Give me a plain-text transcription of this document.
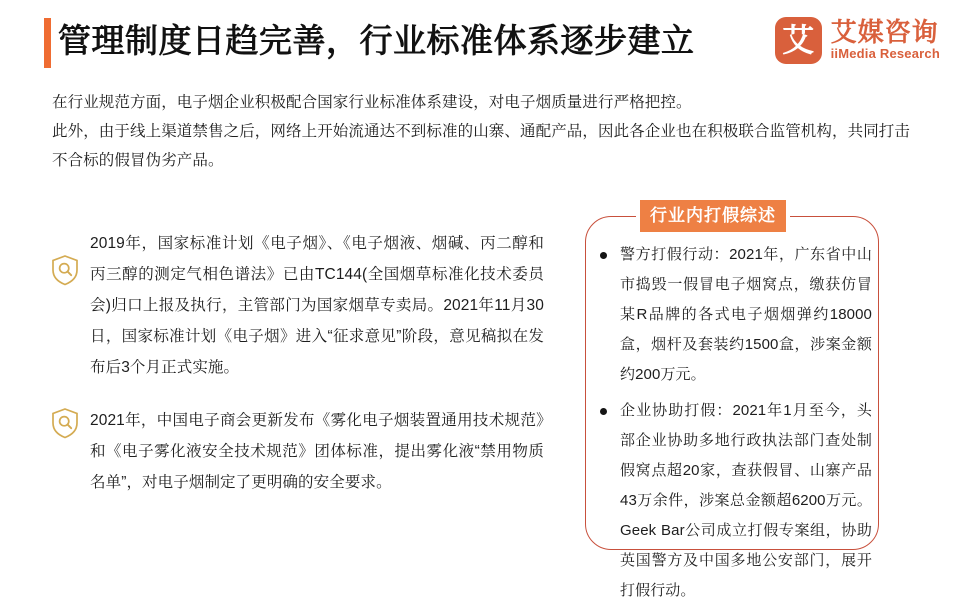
管理制度日趋完善，行业标准体系逐步建立	艾 艾媒咨询
iiMedia Research

在行业规范方面，电子烟企业积极配合国家行业标准体系建设，对电子烟质量进行严格把控。

此外，由于线上渠道禁售之后，网络上开始流通达不到标准的山寨、通配产品，因此各企业也在积极联合监管机构，共同打击不合标的假冒伪劣产品。

2019年，国家标准计划《电子烟》、《电子烟液、烟碱、丙二醇和丙三醇的测定气相色谱法》已由TC144(全国烟草标准化技术委员会)归口上报及执行，主管部门为国家烟草专卖局。2021年11月30日，国家标准计划《电子烟》进入“征求意见”阶段，意见稿拟在发布后3个月正式实施。
2021年，中国电子商会更新发布《雾化电子烟装置通用技术规范》和《电子雾化液安全技术规范》团体标准，提出雾化液“禁用物质名单”，对电子烟制定了更明确的安全要求。
行业内打假综述
警方打假行动：2021年，广东省中山市捣毁一假冒电子烟窝点，缴获仿冒某R品牌的各式电子烟烟弹约18000盒，烟杆及套装约1500盒，涉案金额约200万元。
企业协助打假：2021年1月至今，头部企业协助多地行政执法部门查处制假窝点超20家，查获假冒、山寨产品43万余件，涉案总金额超6200万元。Geek Bar公司成立打假专案组，协助英国警方及中国多地公安部门，展开打假行动。
